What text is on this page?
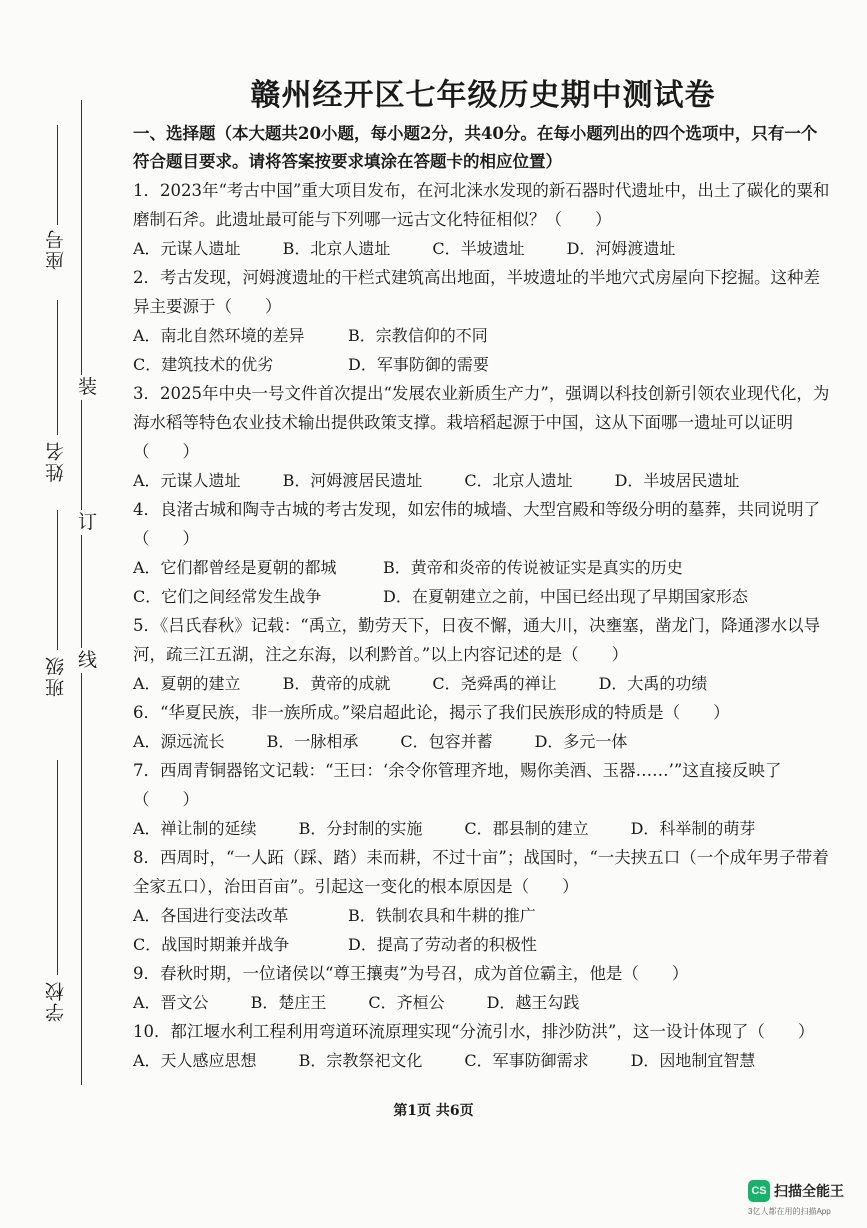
座号
姓名
班级
学校
装
订
线
赣州经开区七年级历史期中测试卷
一、选择题（本大题共20小题，每小题2分，共40分。在每小题列出的四个选项中，只有一个符合题目要求。请将答案按要求填涂在答题卡的相应位置）
1．2023年“考古中国”重大项目发布，在河北涞水发现的新石器时代遗址中，出土了碳化的粟和磨制石斧。此遗址最可能与下列哪一远古文化特征相似？（　　）
A．元谋人遗址	B．北京人遗址	C．半坡遗址	D．河姆渡遗址
2．考古发现，河姆渡遗址的干栏式建筑高出地面，半坡遗址的半地穴式房屋向下挖掘。这种差异主要源于（　　）
A．南北自然环境的差异	B．宗教信仰的不同
C．建筑技术的优劣	D．军事防御的需要
3．2025年中央一号文件首次提出“发展农业新质生产力”，强调以科技创新引领农业现代化，为海水稻等特色农业技术输出提供政策支撑。栽培稻起源于中国，这从下面哪一遗址可以证明
（　　）
A．元谋人遗址	B．河姆渡居民遗址	C．北京人遗址	D．半坡居民遗址
4．良渚古城和陶寺古城的考古发现，如宏伟的城墙、大型宫殿和等级分明的墓葬，共同说明了
（　　）
A．它们都曾经是夏朝的都城	B．黄帝和炎帝的传说被证实是真实的历史
C．它们之间经常发生战争	D．在夏朝建立之前，中国已经出现了早期国家形态
5．《吕氏春秋》记载：“禹立，勤劳天下，日夜不懈，通大川，决壅塞，凿龙门，降通漻水以导河，疏三江五湖，注之东海，以利黔首。”以上内容记述的是（　　）
A．夏朝的建立	B．黄帝的成就	C．尧舜禹的禅让	D．大禹的功绩
6．“华夏民族，非一族所成。”梁启超此论，揭示了我们民族形成的特质是（　　）
A．源远流长	B．一脉相承	C．包容并蓄	D．多元一体
7．西周青铜器铭文记载：“王曰：‘余令你管理齐地，赐你美酒、玉器……’”这直接反映了
（　　）
A．禅让制的延续	B．分封制的实施	C．郡县制的建立	D．科举制的萌芽
8．西周时，“一人跖（踩、踏）耒而耕，不过十亩”；战国时，“一夫挟五口（一个成年男子带着全家五口），治田百亩”。引起这一变化的根本原因是（　　）
A．各国进行变法改革	B．铁制农具和牛耕的推广
C．战国时期兼并战争	D．提高了劳动者的积极性
9．春秋时期，一位诸侯以“尊王攘夷”为号召，成为首位霸主，他是（　　）
A．晋文公	B．楚庄王	C．齐桓公	D．越王勾践
10．都江堰水利工程利用弯道环流原理实现“分流引水，排沙防洪”，这一设计体现了（　　）
A．天人感应思想	B．宗教祭祀文化	C．军事防御需求	D．因地制宜智慧
第1页 共6页
CS 扫描全能王
3亿人都在用的扫描App
